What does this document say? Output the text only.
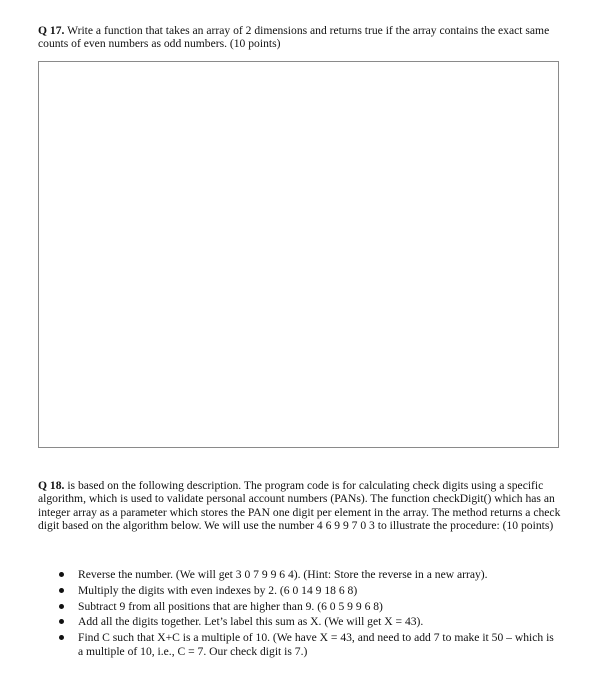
Q 17. Write a function that takes an array of 2 dimensions and returns true if the array contains the exact same counts of even numbers as odd numbers. (10 points)

Q 18. is based on the following description. The program code is for calculating check digits using a specific algorithm, which is used to validate personal account numbers (PANs). The function checkDigit() which has an integer array as a parameter which stores the PAN one digit per element in the array. The method returns a check digit based on the algorithm below. We will use the number 4 6 9 9 7 0 3 to illustrate the procedure: (10 points)

Reverse the number. (We will get 3 0 7 9 9 6 4). (Hint: Store the reverse in a new array).
Multiply the digits with even indexes by 2. (6 0 14 9 18 6 8)
Subtract 9 from all positions that are higher than 9. (6 0 5 9 9 6 8)
Add all the digits together. Let’s label this sum as X. (We will get X = 43).
Find C such that X+C is a multiple of 10. (We have X = 43, and need to add 7 to make it 50 – which is a multiple of 10, i.e., C = 7. Our check digit is 7.)
